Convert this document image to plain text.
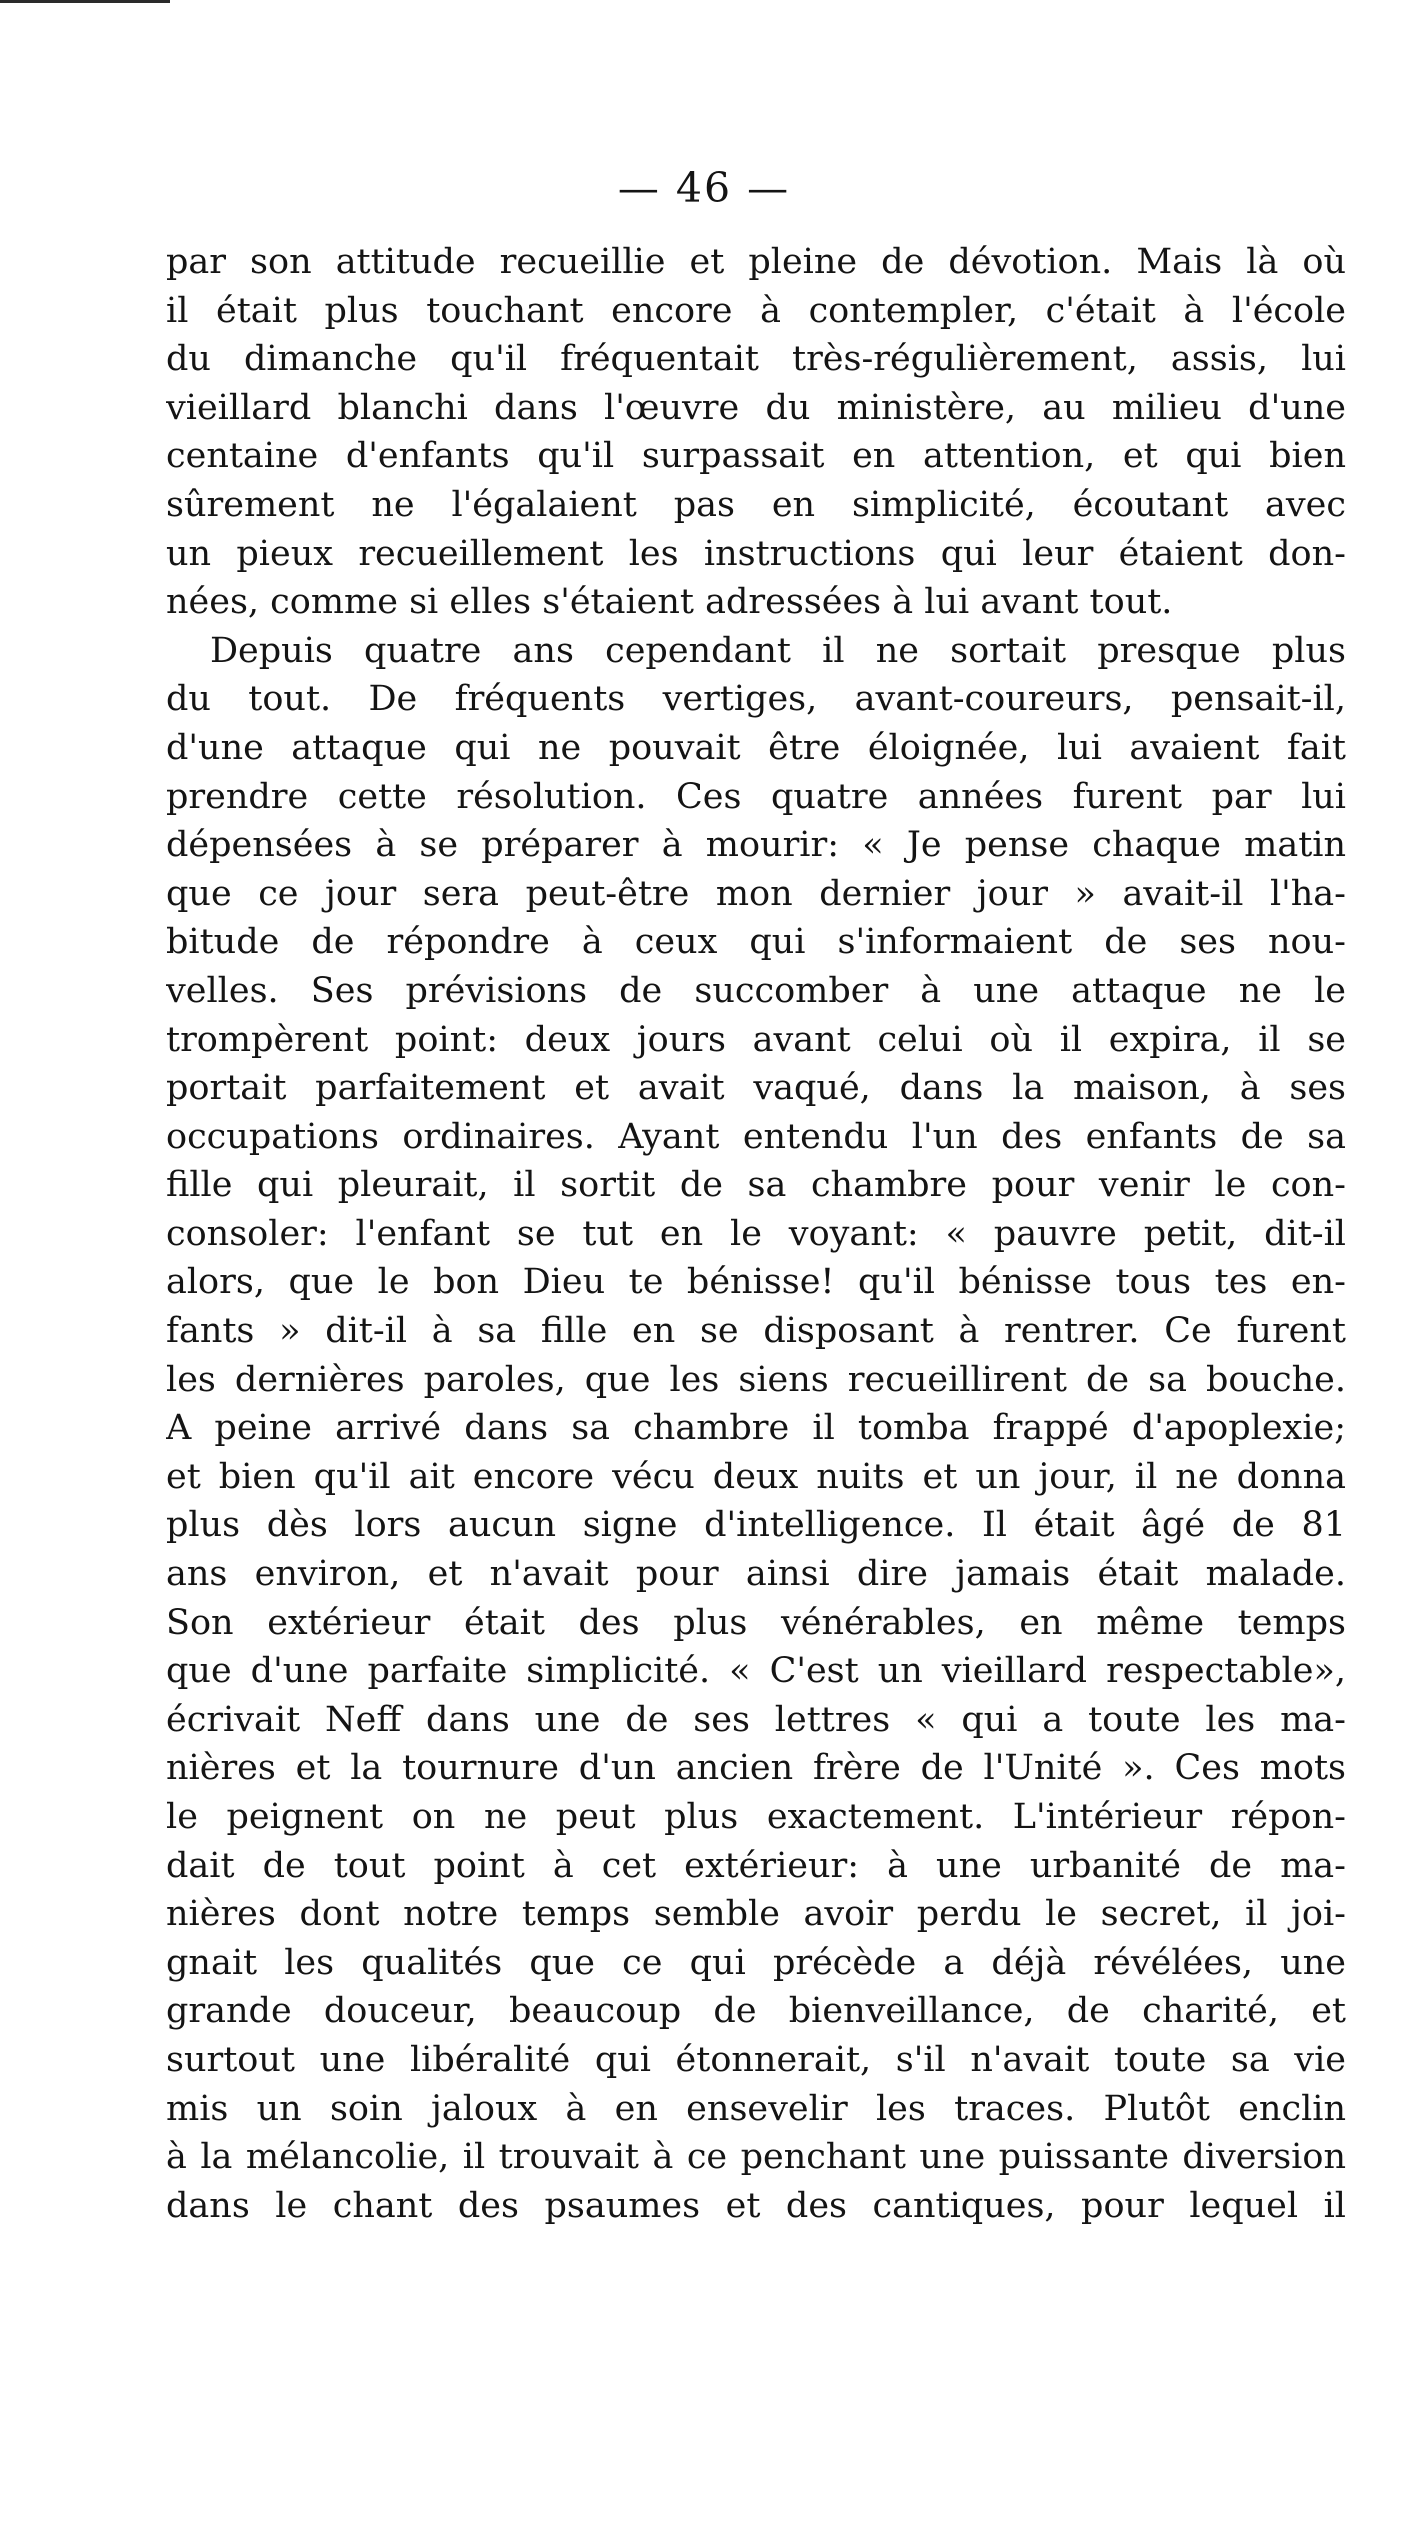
— 46 —
par son attitude recueillie et pleine de dévotion. Mais là où
il était plus touchant encore à contempler, c'était à l'école
du dimanche qu'il fréquentait très-régulièrement, assis, lui
vieillard blanchi dans l'œuvre du ministère, au milieu d'une
centaine d'enfants qu'il surpassait en attention, et qui bien
sûrement ne l'égalaient pas en simplicité, écoutant avec
un pieux recueillement les instructions qui leur étaient don-
nées, comme si elles s'étaient adressées à lui avant tout.
Depuis quatre ans cependant il ne sortait presque plus
du tout. De fréquents vertiges, avant-coureurs, pensait-il,
d'une attaque qui ne pouvait être éloignée, lui avaient fait
prendre cette résolution. Ces quatre années furent par lui
dépensées à se préparer à mourir: « Je pense chaque matin
que ce jour sera peut-être mon dernier jour » avait-il l'ha-
bitude de répondre à ceux qui s'informaient de ses nou-
velles. Ses prévisions de succomber à une attaque ne le
trompèrent point: deux jours avant celui où il expira, il se
portait parfaitement et avait vaqué, dans la maison, à ses
occupations ordinaires. Ayant entendu l'un des enfants de sa
fille qui pleurait, il sortit de sa chambre pour venir le con-
consoler: l'enfant se tut en le voyant: « pauvre petit, dit-il
alors, que le bon Dieu te bénisse! qu'il bénisse tous tes en-
fants » dit-il à sa fille en se disposant à rentrer. Ce furent
les dernières paroles, que les siens recueillirent de sa bouche.
A peine arrivé dans sa chambre il tomba frappé d'apoplexie;
et bien qu'il ait encore vécu deux nuits et un jour, il ne donna
plus dès lors aucun signe d'intelligence. Il était âgé de 81
ans environ, et n'avait pour ainsi dire jamais était malade.
Son extérieur était des plus vénérables, en même temps
que d'une parfaite simplicité. « C'est un vieillard respectable»,
écrivait Neff dans une de ses lettres « qui a toute les ma-
nières et la tournure d'un ancien frère de l'Unité ». Ces mots
le peignent on ne peut plus exactement. L'intérieur répon-
dait de tout point à cet extérieur: à une urbanité de ma-
nières dont notre temps semble avoir perdu le secret, il joi-
gnait les qualités que ce qui précède a déjà révélées, une
grande douceur, beaucoup de bienveillance, de charité, et
surtout une libéralité qui étonnerait, s'il n'avait toute sa vie
mis un soin jaloux à en ensevelir les traces. Plutôt enclin
à la mélancolie, il trouvait à ce penchant une puissante diversion
dans le chant des psaumes et des cantiques, pour lequel il
